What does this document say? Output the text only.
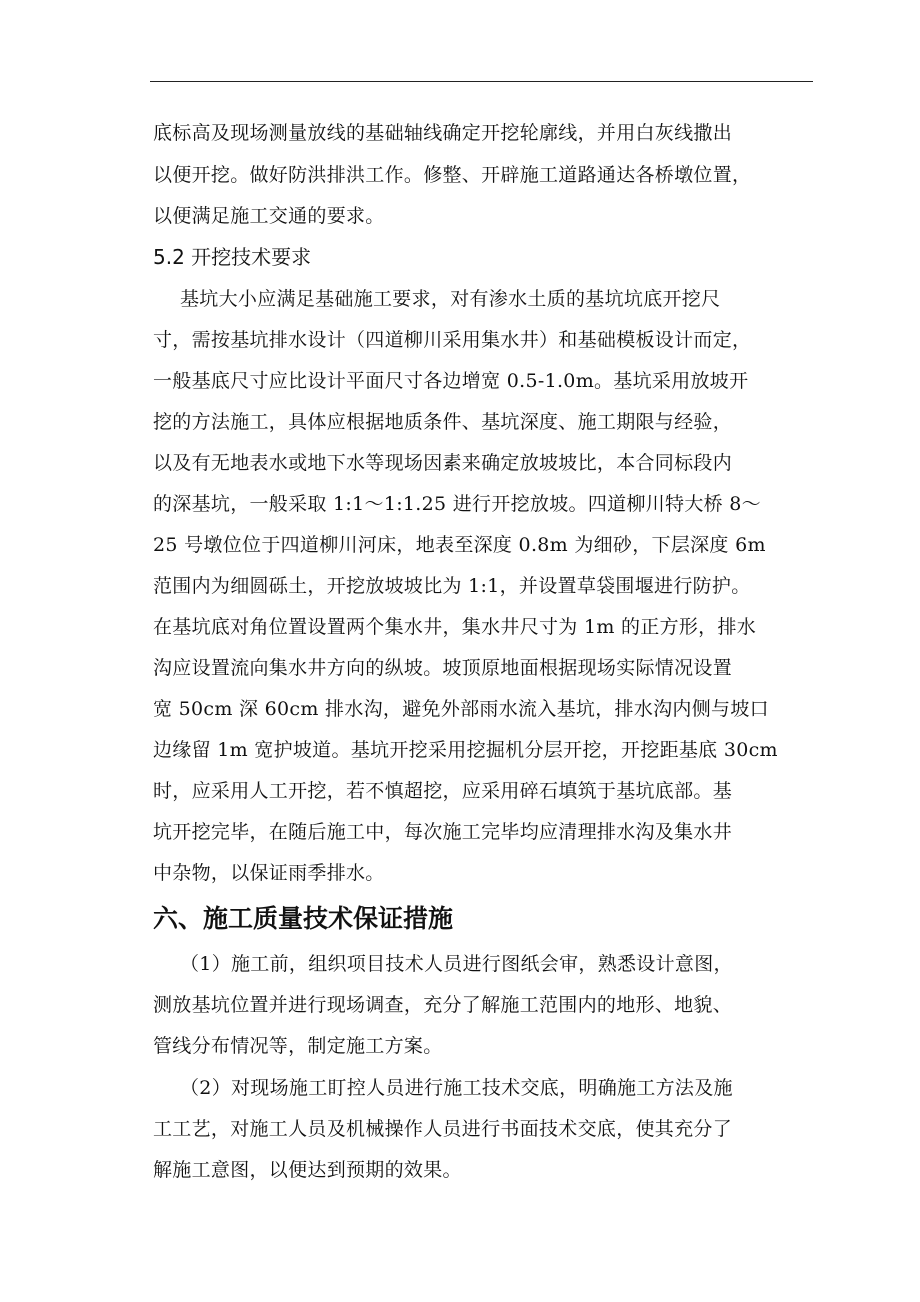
底标高及现场测量放线的基础轴线确定开挖轮廓线，并用白灰线撒出
以便开挖。做好防洪排洪工作。修整、开辟施工道路通达各桥墩位置，
以便满足施工交通的要求。
5.2 开挖技术要求
基坑大小应满足基础施工要求，对有渗水土质的基坑坑底开挖尺
寸，需按基坑排水设计（四道柳川采用集水井）和基础模板设计而定，
一般基底尺寸应比设计平面尺寸各边增宽 0.5-1.0m。基坑采用放坡开
挖的方法施工，具体应根据地质条件、基坑深度、施工期限与经验，
以及有无地表水或地下水等现场因素来确定放坡坡比，本合同标段内
的深基坑，一般采取 1:1～1:1.25 进行开挖放坡。四道柳川特大桥 8～
25 号墩位位于四道柳川河床，地表至深度 0.8m 为细砂，下层深度 6m
范围内为细圆砾土，开挖放坡坡比为 1:1，并设置草袋围堰进行防护。
在基坑底对角位置设置两个集水井，集水井尺寸为 1m 的正方形，排水
沟应设置流向集水井方向的纵坡。坡顶原地面根据现场实际情况设置
宽 50cm 深 60cm 排水沟，避免外部雨水流入基坑，排水沟内侧与坡口
边缘留 1m 宽护坡道。基坑开挖采用挖掘机分层开挖，开挖距基底 30cm
时，应采用人工开挖，若不慎超挖，应采用碎石填筑于基坑底部。基
坑开挖完毕，在随后施工中，每次施工完毕均应清理排水沟及集水井
中杂物，以保证雨季排水。
六、施工质量技术保证措施
（1）施工前，组织项目技术人员进行图纸会审，熟悉设计意图，
测放基坑位置并进行现场调查，充分了解施工范围内的地形、地貌、
管线分布情况等，制定施工方案。
（2）对现场施工盯控人员进行施工技术交底，明确施工方法及施
工工艺，对施工人员及机械操作人员进行书面技术交底，使其充分了
解施工意图，以便达到预期的效果。
